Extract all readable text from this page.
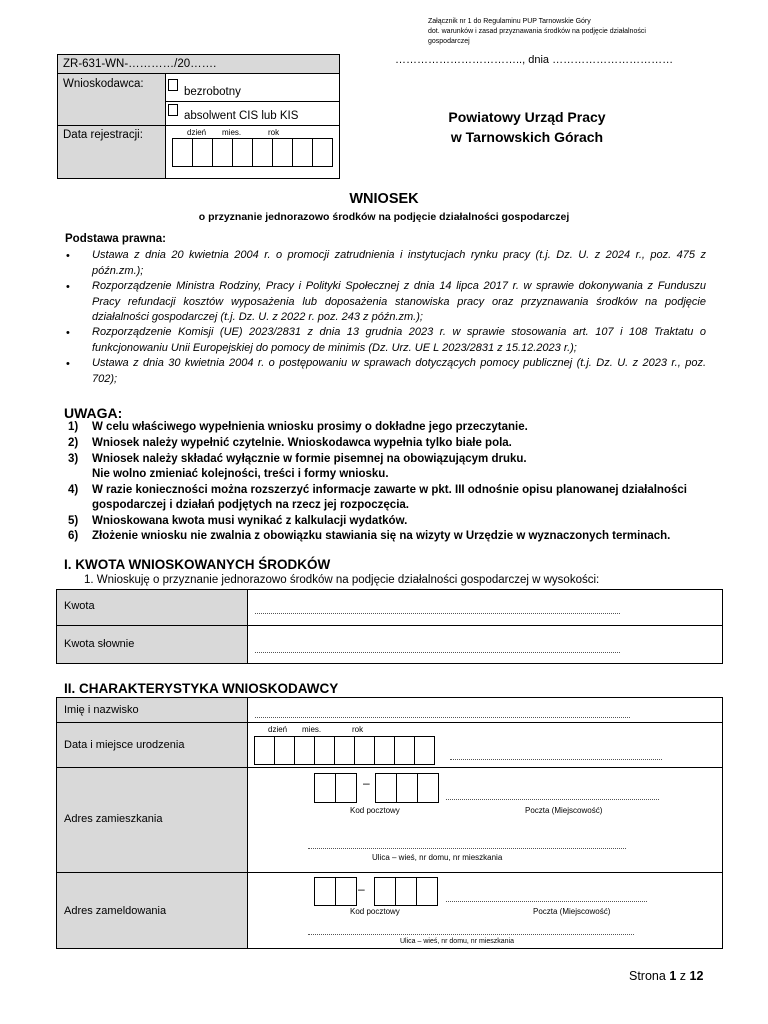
Załącznik nr 1 do Regulaminu PUP Tarnowskie Góry
dot. warunków i zasad przyznawania środków na podjęcie działalności
gospodarczej
…………………………….., dnia ……………………………
ZR-631-WN-…………/20…….
Wnioskodawca:
bezrobotny
absolwent CIS lub KIS
Data rejestracji:	dzień mies.	rok
Powiatowy Urząd Pracy
w Tarnowskich Górach
WNIOSEK
o przyznanie jednorazowo środków na podjęcie działalności gospodarczej
Podstawa prawna:
• Ustawa z dnia 20 kwietnia 2004 r. o promocji zatrudnienia i instytucjach rynku pracy (t.j. Dz. U. z 2024 r., poz. 475 z późn.zm.);
• Rozporządzenie Ministra Rodziny, Pracy i Polityki Społecznej z dnia 14 lipca 2017 r. w sprawie dokonywania z Funduszu Pracy refundacji kosztów wyposażenia lub doposażenia stanowiska pracy oraz przyznawania środków na podjęcie działalności gospodarczej (t.j. Dz. U. z 2022 r. poz. 243 z późn.zm.);
• Rozporządzenie Komisji (UE) 2023/2831 z dnia 13 grudnia 2023 r. w sprawie stosowania art. 107 i 108 Traktatu o funkcjonowaniu Unii Europejskiej do pomocy de minimis (Dz. Urz. UE L 2023/2831 z 15.12.2023 r.);
• Ustawa z dnia 30 kwietnia 2004 r. o postępowaniu w sprawach dotyczących pomocy publicznej (t.j. Dz. U. z 2023 r., poz. 702);
UWAGA:
1) W celu właściwego wypełnienia wniosku prosimy o dokładne jego przeczytanie.
2) Wniosek należy wypełnić czytelnie. Wnioskodawca wypełnia tylko białe pola.
3) Wniosek należy składać wyłącznie w formie pisemnej na obowiązującym druku.
Nie wolno zmieniać kolejności, treści i formy wniosku.
4) W razie konieczności można rozszerzyć informacje zawarte w pkt. III odnośnie opisu planowanej działalności
gospodarczej i działań podjętych na rzecz jej rozpoczęcia.
5) Wnioskowana kwota musi wynikać z kalkulacji wydatków.
6) Złożenie wniosku nie zwalnia z obowiązku stawiania się na wizyty w Urzędzie w wyznaczonych terminach.
I. KWOTA WNIOSKOWANYCH ŚRODKÓW
1. Wnioskuję o przyznanie jednorazowo środków na podjęcie działalności gospodarczej w wysokości:
Kwota
Kwota słownie
II. CHARAKTERYSTYKA WNIOSKODAWCY
Imię i nazwisko
Data i miejsce urodzenia
dzień mies.	rok
Adres zamieszkania
–
Kod pocztowy	Poczta (Miejscowość)
Ulica – wieś, nr domu, nr mieszkania
Adres zameldowania
–
Kod pocztowy	Poczta (Miejscowość)
Ulica – wieś, nr domu, nr mieszkania
Strona 1 z 12
